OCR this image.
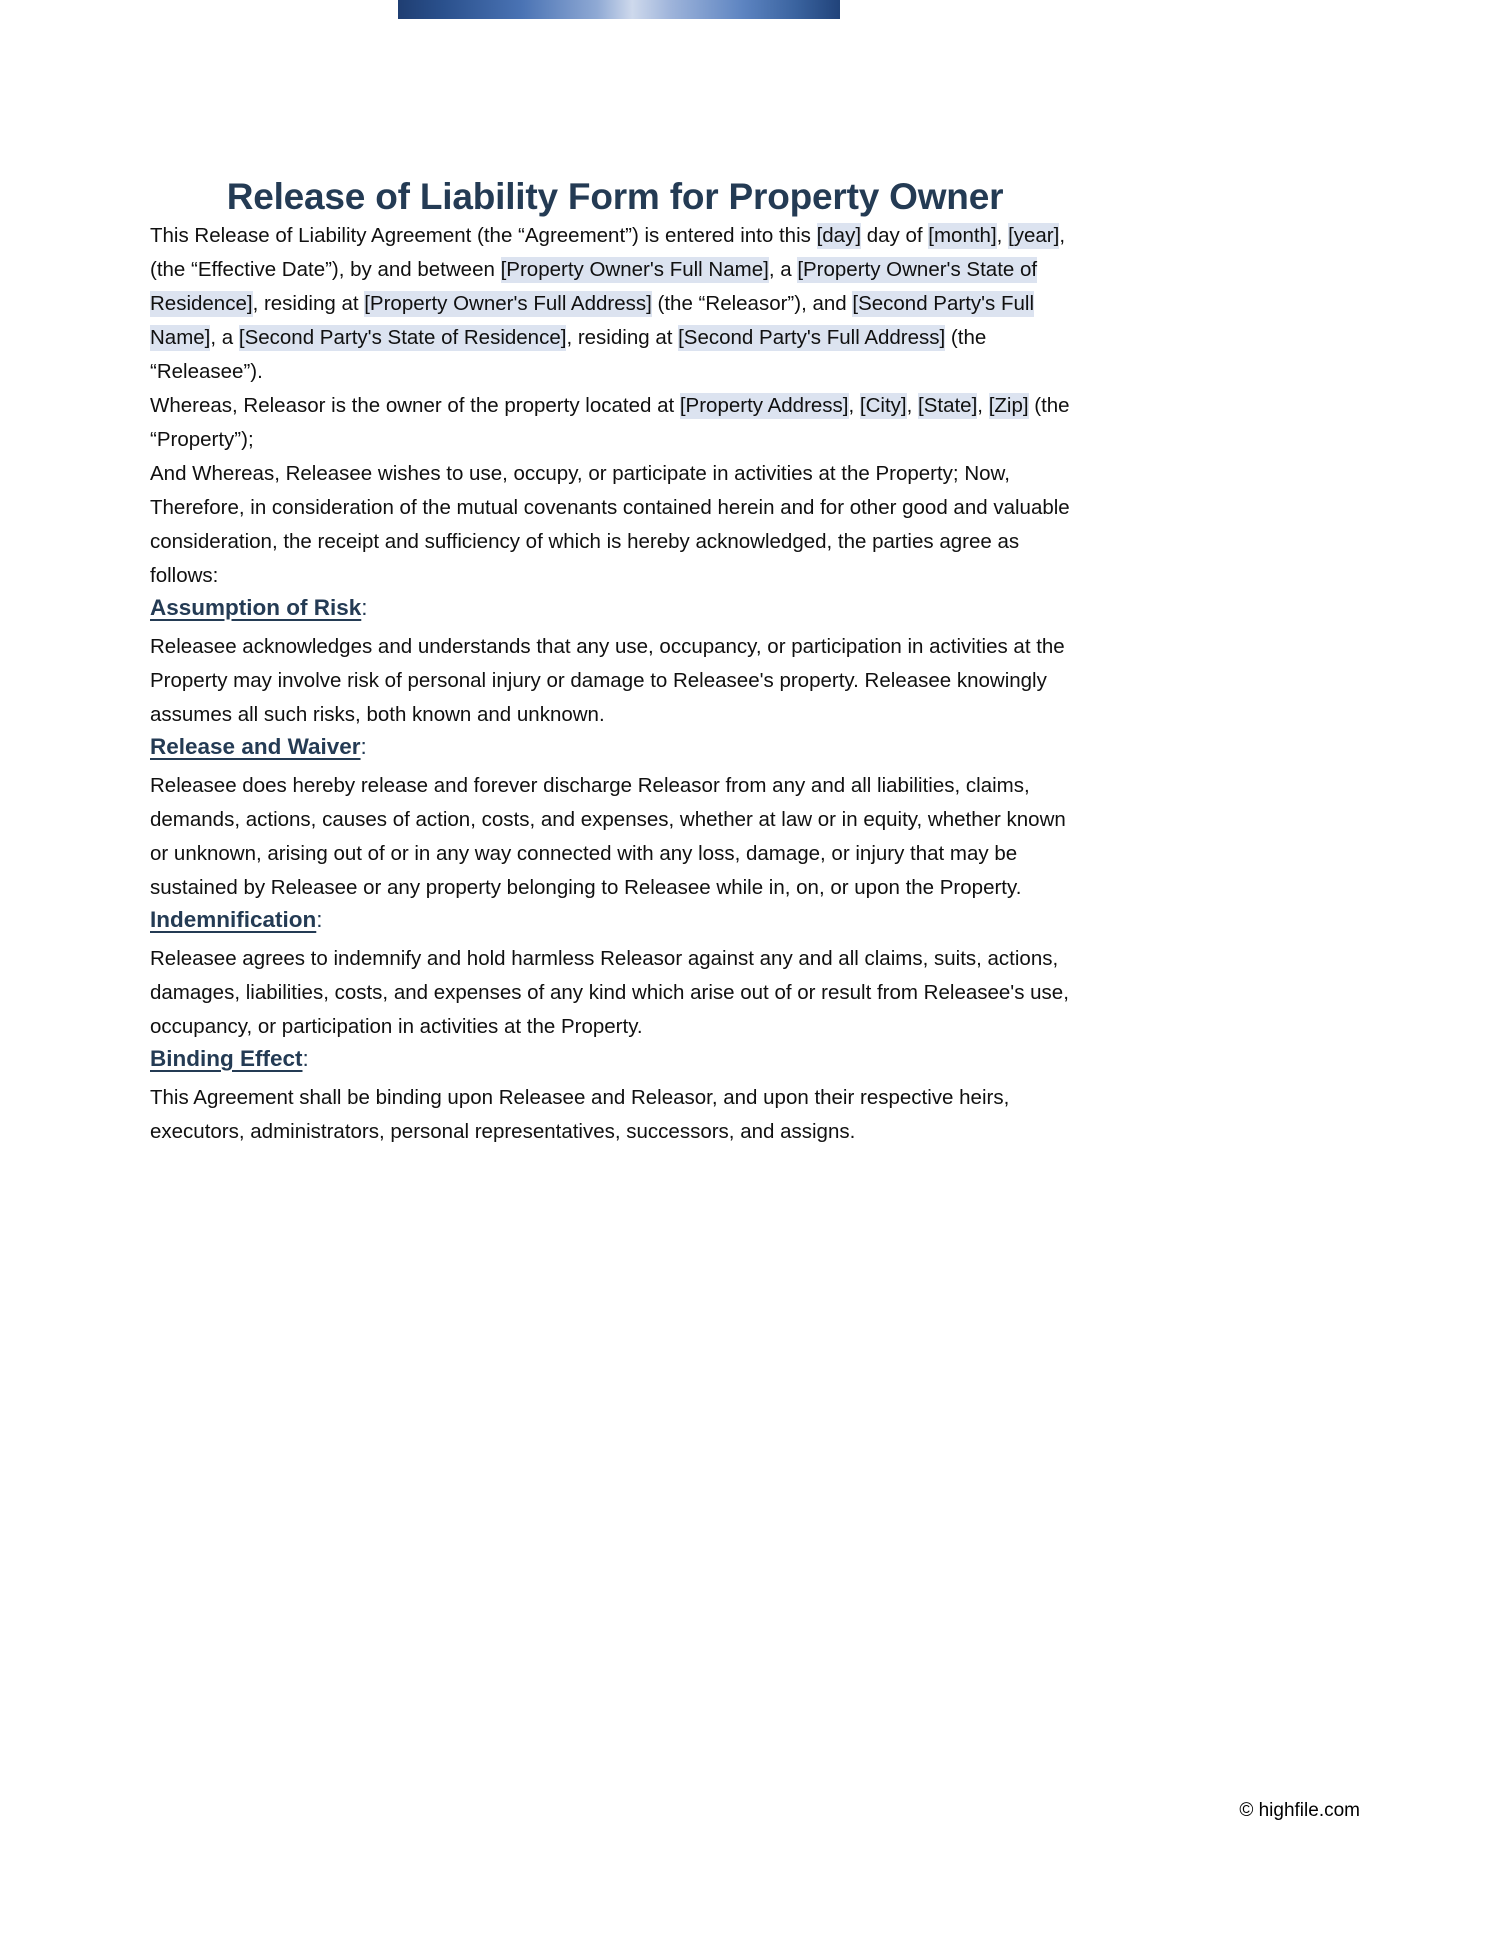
Release of Liability Form for Property Owner

This Release of Liability Agreement (the “Agreement”) is entered into this [day] day of [month], [year], (the “Effective Date”), by and between [Property Owner's Full Name], a [Property Owner's State of Residence], residing at [Property Owner's Full Address] (the “Releasor”), and [Second Party's Full Name], a [Second Party's State of Residence], residing at [Second Party's Full Address] (the “Releasee”).

Whereas, Releasor is the owner of the property located at [Property Address], [City], [State], [Zip] (the “Property”);

And Whereas, Releasee wishes to use, occupy, or participate in activities at the Property; Now, Therefore, in consideration of the mutual covenants contained herein and for other good and valuable consideration, the receipt and sufficiency of which is hereby acknowledged, the parties agree as follows:

Assumption of Risk:

Releasee acknowledges and understands that any use, occupancy, or participation in activities at the Property may involve risk of personal injury or damage to Releasee's property. Releasee knowingly assumes all such risks, both known and unknown.

Release and Waiver:

Releasee does hereby release and forever discharge Releasor from any and all liabilities, claims, demands, actions, causes of action, costs, and expenses, whether at law or in equity, whether known or unknown, arising out of or in any way connected with any loss, damage, or injury that may be sustained by Releasee or any property belonging to Releasee while in, on, or upon the Property.

Indemnification:

Releasee agrees to indemnify and hold harmless Releasor against any and all claims, suits, actions, damages, liabilities, costs, and expenses of any kind which arise out of or result from Releasee's use, occupancy, or participation in activities at the Property.

Binding Effect:

This Agreement shall be binding upon Releasee and Releasor, and upon their respective heirs, executors, administrators, personal representatives, successors, and assigns.

© highfile.com
